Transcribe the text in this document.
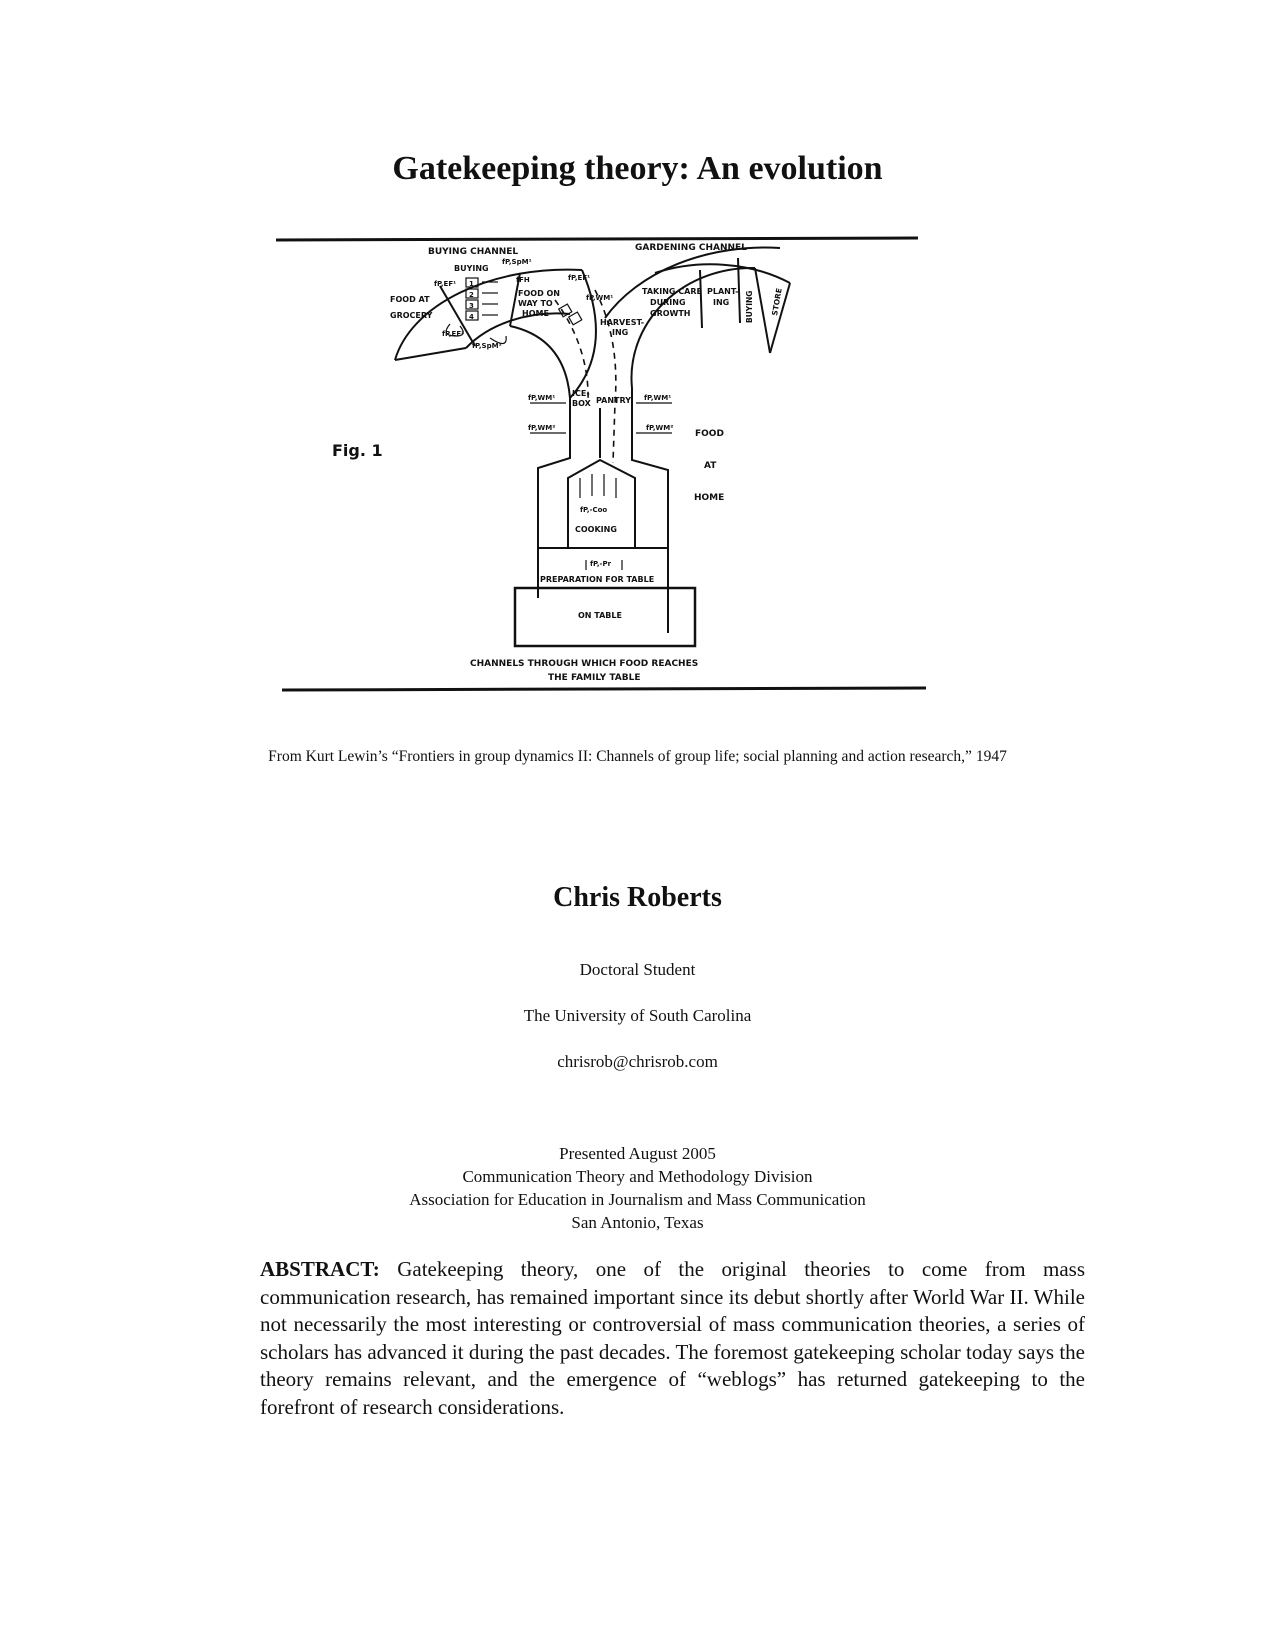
Gatekeeping theory: An evolution
1
2
3
4
BUYING CHANNEL	GARDENING CHANNEL
BUYING
FOOD AT
GROCERY
FOOD ON
WAY TO
HOME
HARVEST-
ING
TAKING CARE
DURING
GROWTH
PLANT-
ING BUYING STORE
ICE-
BOX PANTRY
FOOD
AT
HOME
COOKING
PREPARATION FOR TABLE
ON TABLE
CHANNELS THROUGH WHICH FOOD REACHES
THE FAMILY TABLE
Fig. 1
fP,SpM¹
fP,EF¹	fFH	fP,EF¹
fP,WM¹
fP,EF²
fP,SpM²
fP,WM¹
fP,WM²
fP,WM¹
fP,WM²
fP,-Coo
fP,-Pr
From Kurt Lewin’s “Frontiers in group dynamics II: Channels of group life; social planning and action research,” 1947
Chris Roberts
Doctoral Student
The University of South Carolina
chrisrob@chrisrob.com
Presented August 2005
Communication Theory and Methodology Division
Association for Education in Journalism and Mass Communication
San Antonio, Texas
ABSTRACT: Gatekeeping theory, one of the original theories to come from mass communication research, has remained important since its debut shortly after World War II. While not necessarily the most interesting or controversial of mass communication theories, a series of scholars has advanced it during the past decades. The foremost gatekeeping scholar today says the theory remains relevant, and the emergence of “weblogs” has returned gatekeeping to the forefront of research considerations.
